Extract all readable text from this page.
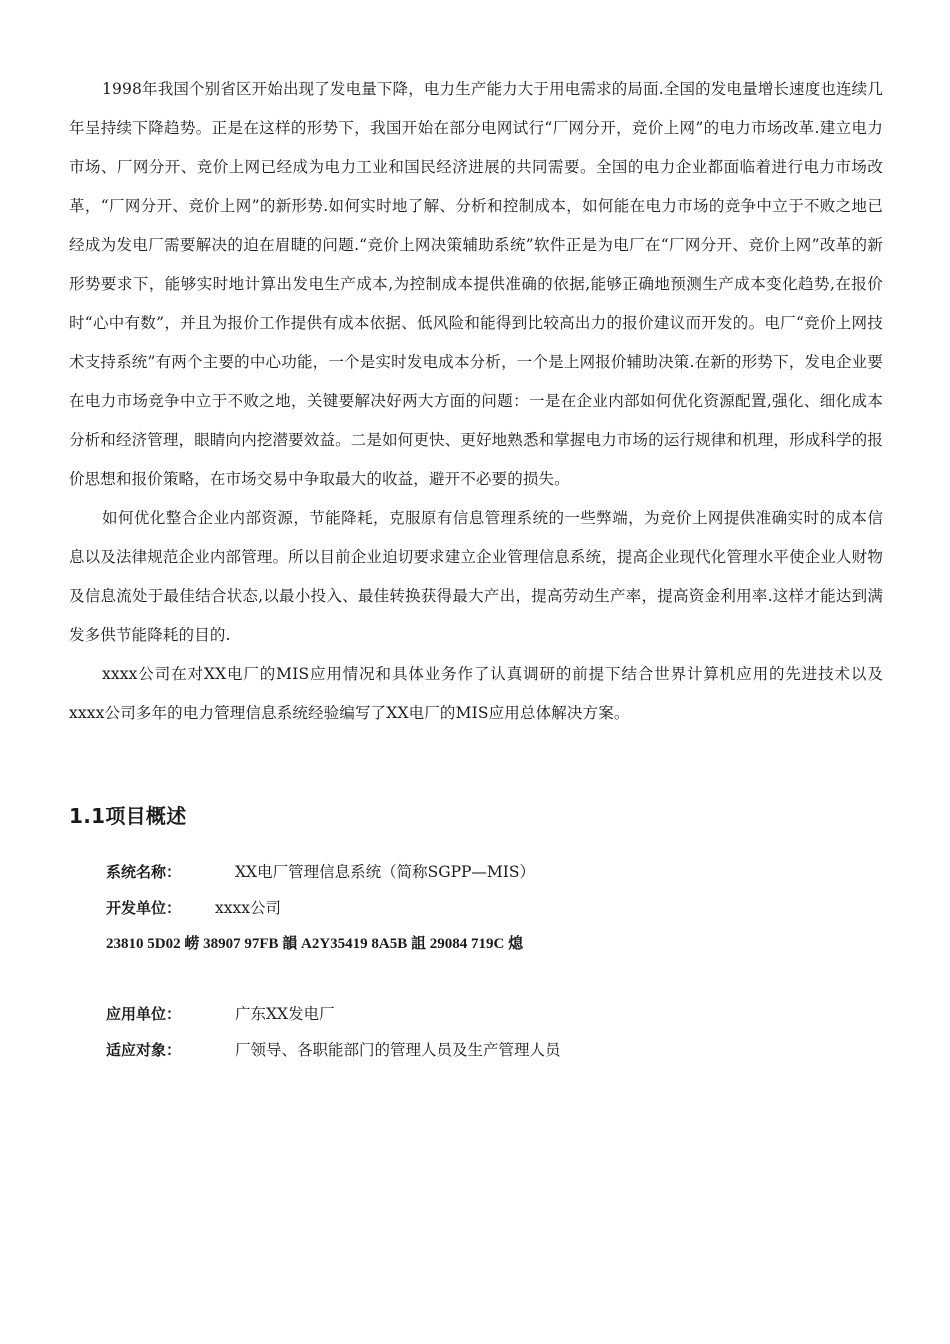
1998年我国个别省区开始出现了发电量下降，电力生产能力大于用电需求的局面.全国的发电量增长速度也连续几年呈持续下降趋势。正是在这样的形势下，我国开始在部分电网试行“厂网分开，竞价上网”的电力市场改革.建立电力市场、厂网分开、竞价上网已经成为电力工业和国民经济进展的共同需要。全国的电力企业都面临着进行电力市场改革，“厂网分开、竞价上网”的新形势.如何实时地了解、分析和控制成本，如何能在电力市场的竞争中立于不败之地已经成为发电厂需要解决的迫在眉睫的问题.“竞价上网决策辅助系统”软件正是为电厂在“厂网分开、竞价上网”改革的新形势要求下，能够实时地计算出发电生产成本,为控制成本提供准确的依据,能够正确地预测生产成本变化趋势,在报价时“心中有数”，并且为报价工作提供有成本依据、低风险和能得到比较高出力的报价建议而开发的。电厂“竞价上网技术支持系统”有两个主要的中心功能，一个是实时发电成本分析，一个是上网报价辅助决策.在新的形势下，发电企业要在电力市场竞争中立于不败之地，关键要解决好两大方面的问题：一是在企业内部如何优化资源配置,强化、细化成本分析和经济管理，眼睛向内挖潜要效益。二是如何更快、更好地熟悉和掌握电力市场的运行规律和机理，形成科学的报价思想和报价策略，在市场交易中争取最大的收益，避开不必要的损失。

如何优化整合企业内部资源，节能降耗，克服原有信息管理系统的一些弊端，为竞价上网提供准确实时的成本信息以及法律规范企业内部管理。所以目前企业迫切要求建立企业管理信息系统，提高企业现代化管理水平使企业人财物及信息流处于最佳结合状态,以最小投入、最佳转换获得最大产出，提高劳动生产率，提高资金利用率.这样才能达到满发多供节能降耗的目的.

xxxx公司在对XX电厂的MIS应用情况和具体业务作了认真调研的前提下结合世界计算机应用的先进技术以及xxxx公司多年的电力管理信息系统经验编写了XX电厂的MIS应用总体解决方案。

1.1项目概述
系统名称：	XX电厂管理信息系统（简称SGPP—MIS）
开发单位： xxxx公司
23810 5D02 崂 38907 97FB 韻 A2Y35419 8A5B 詛 29084 719C 熄
应用单位：	广东XX发电厂
适应对象：	厂领导、各职能部门的管理人员及生产管理人员
